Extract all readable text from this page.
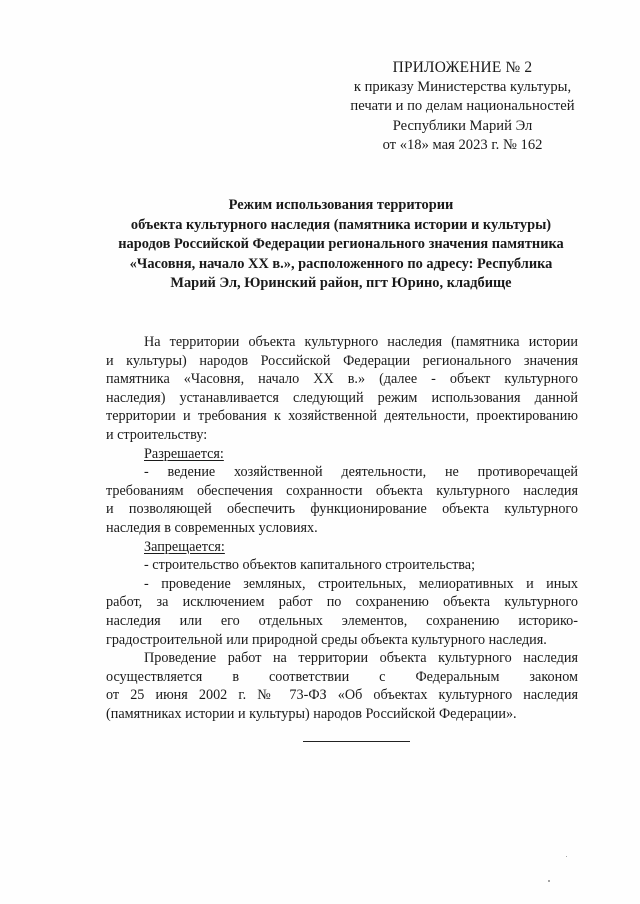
ПРИЛОЖЕНИЕ № 2
к приказу Министерства культуры,
печати и по делам национальностей
Республики Марий Эл
от «18» мая 2023 г. № 162
Режим использования территории
объекта культурного наследия (памятника истории и культуры)
народов Российской Федерации регионального значения памятника
«Часовня, начало XX в.», расположенного по адресу: Республика
Марий Эл, Юринский район, пгт Юрино, кладбище
На территории объекта культурного наследия (памятника истории
и культуры) народов Российской Федерации регионального значения
памятника «Часовня, начало XX в.» (далее - объект культурного
наследия) устанавливается следующий режим использования данной
территории и требования к хозяйственной деятельности, проектированию
и строительству:
Разрешается:
- ведение хозяйственной деятельности, не противоречащей
требованиям обеспечения сохранности объекта культурного наследия
и позволяющей обеспечить функционирование объекта культурного
наследия в современных условиях.
Запрещается:
- строительство объектов капитального строительства;
- проведение земляных, строительных, мелиоративных и иных
работ, за исключением работ по сохранению объекта культурного
наследия или его отдельных элементов, сохранению историко-
градостроительной или природной среды объекта культурного наследия.
Проведение работ на территории объекта культурного наследия
осуществляется в соответствии с Федеральным законом
от 25 июня 2002 г. № 73-ФЗ «Об объектах культурного наследия
(памятниках истории и культуры) народов Российской Федерации».
